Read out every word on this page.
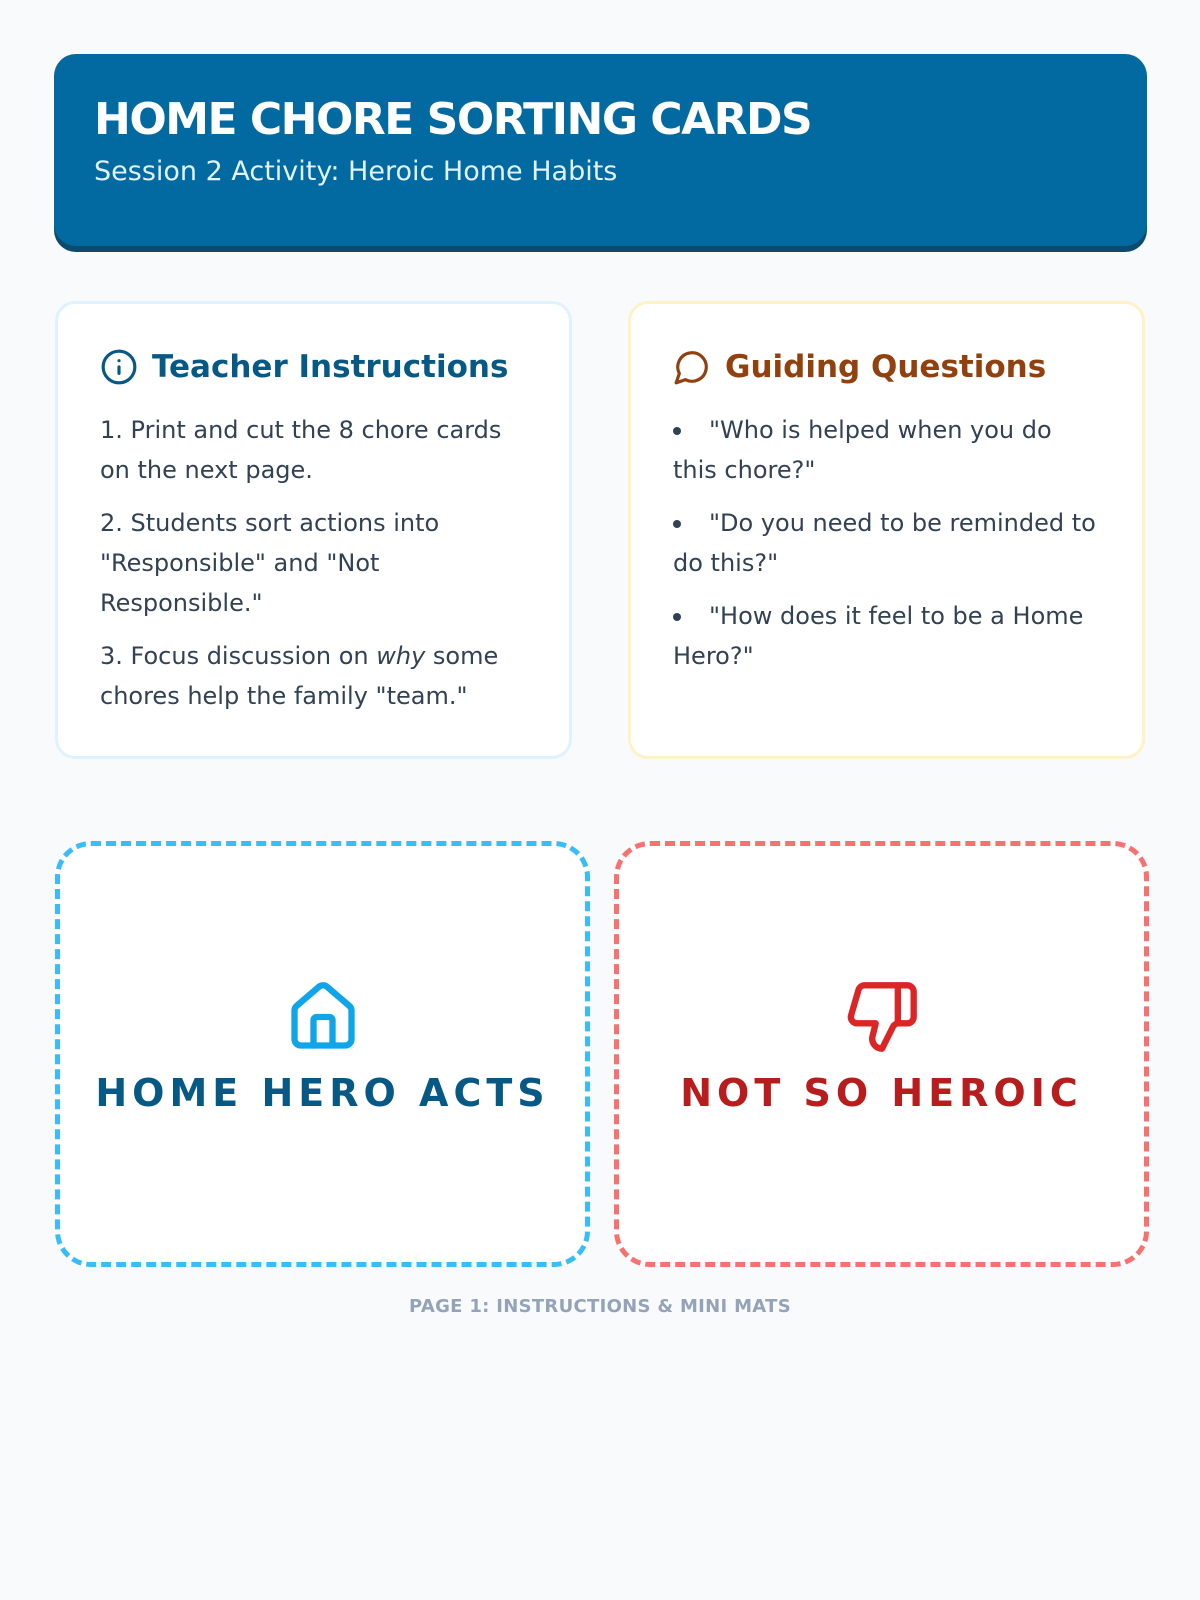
HOME CHORE SORTING CARDS
Session 2 Activity: Heroic Home Habits
Teacher Instructions
1. Print and cut the 8 chore cards on the next page.
2. Students sort actions into "Responsible" and "Not Responsible."
3. Focus discussion on why some chores help the family "team."
Guiding Questions
"Who is helped when you do this chore?"
"Do you need to be reminded to do this?"
"How does it feel to be a Home Hero?"
HOME HERO ACTS	NOT SO HEROIC
PAGE 1: INSTRUCTIONS & MINI MATS
